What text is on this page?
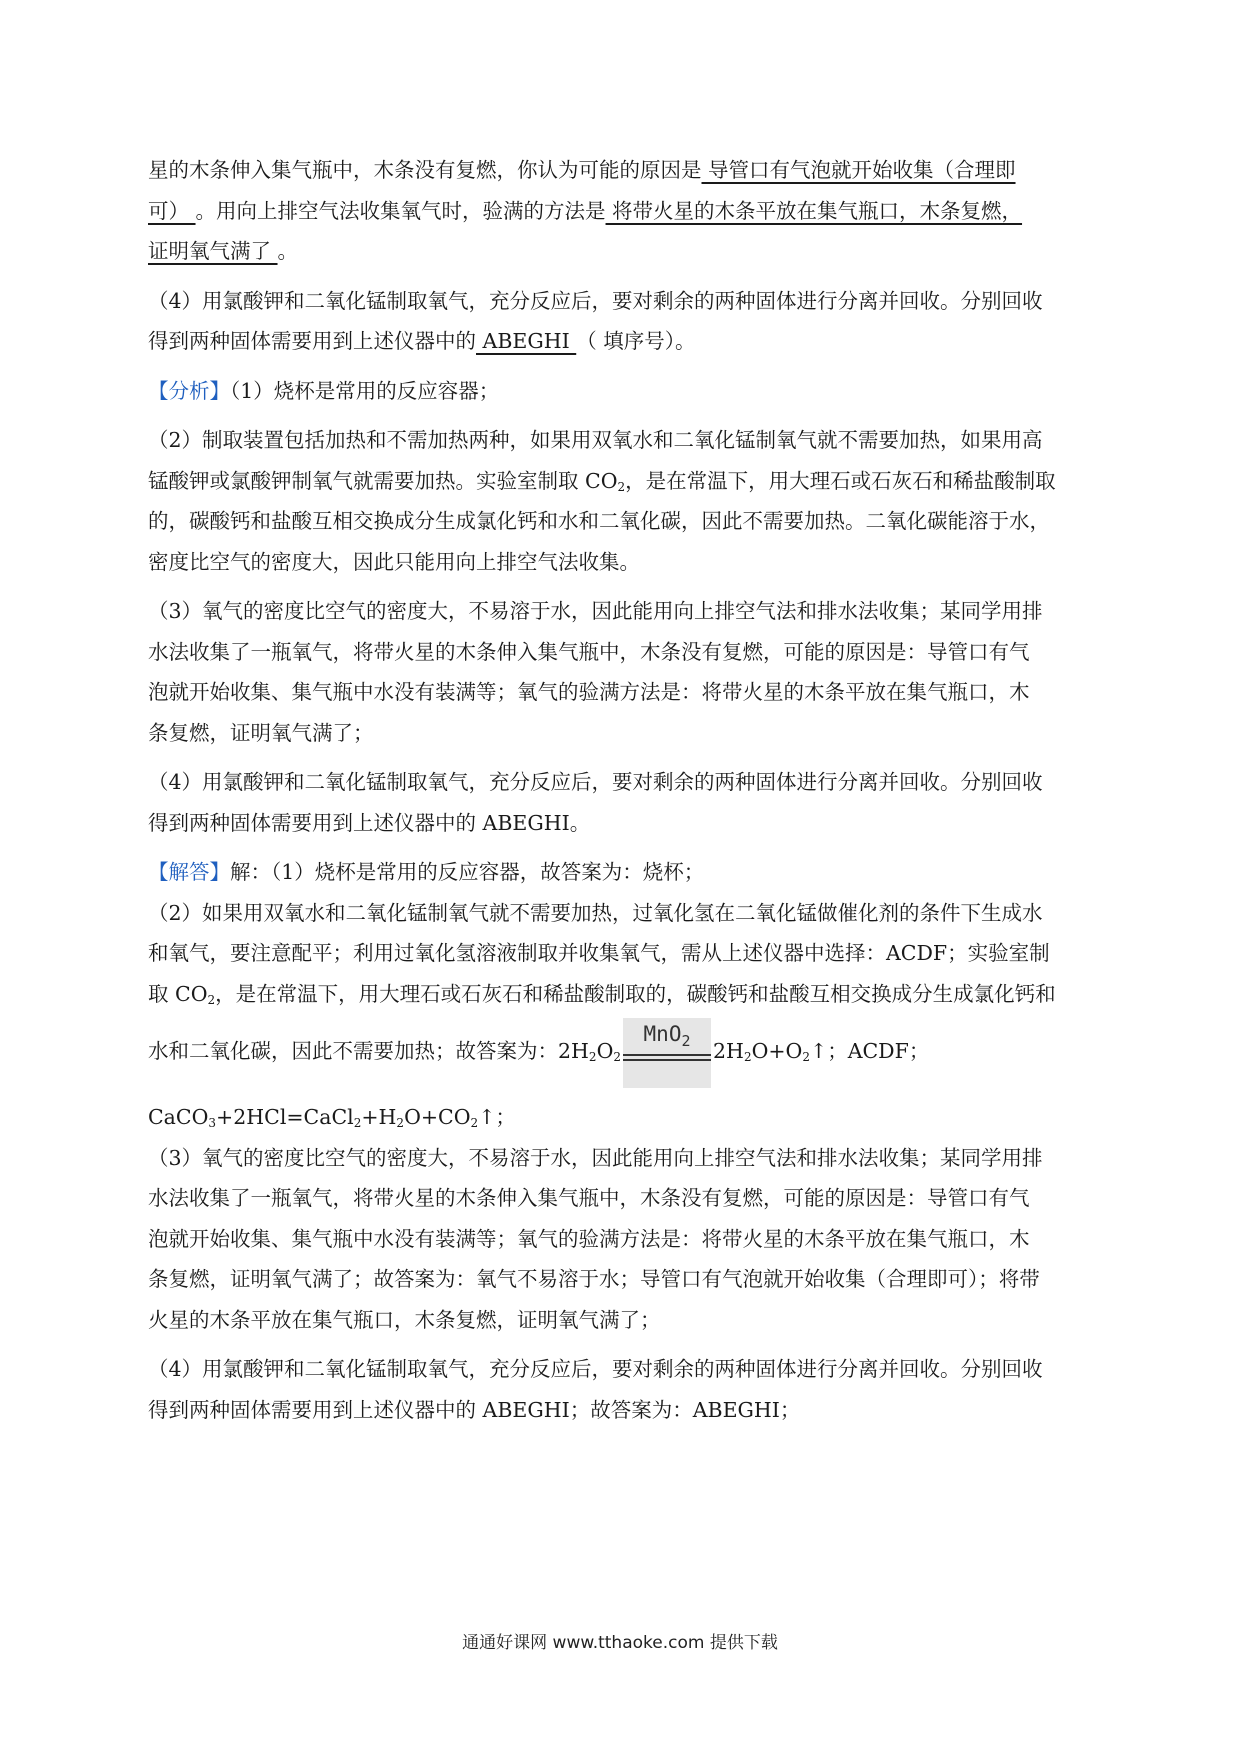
星的木条伸入集气瓶中，木条没有复燃，你认为可能的原因是 导管口有气泡就开始收集（合理即
可） 。用向上排空气法收集氧气时，验满的方法是 将带火星的木条平放在集气瓶口，木条复燃，
证明氧气满了 。
（4）用氯酸钾和二氧化锰制取氧气，充分反应后，要对剩余的两种固体进行分离并回收。分别回收
得到两种固体需要用到上述仪器中的 ABEGHI （ 填序号）。
【分析】（1）烧杯是常用的反应容器；
（2）制取装置包括加热和不需加热两种，如果用双氧水和二氧化锰制氧气就不需要加热，如果用高
锰酸钾或氯酸钾制氧气就需要加热。实验室制取 $CO_2$，是在常温下，用大理石或石灰石和稀盐酸制取
的，碳酸钙和盐酸互相交换成分生成氯化钙和水和二氧化碳，因此不需要加热。二氧化碳能溶于水，
密度比空气的密度大，因此只能用向上排空气法收集。
（3）氧气的密度比空气的密度大，不易溶于水，因此能用向上排空气法和排水法收集；某同学用排
水法收集了一瓶氧气，将带火星的木条伸入集气瓶中，木条没有复燃，可能的原因是：导管口有气
泡就开始收集、集气瓶中水没有装满等；氧气的验满方法是：将带火星的木条平放在集气瓶口，木
条复燃，证明氧气满了；
（4）用氯酸钾和二氧化锰制取氧气，充分反应后，要对剩余的两种固体进行分离并回收。分别回收
得到两种固体需要用到上述仪器中的 ABEGHI。
【解答】解：（1）烧杯是常用的反应容器，故答案为：烧杯；
（2）如果用双氧水和二氧化锰制氧气就不需要加热，过氧化氢在二氧化锰做催化剂的条件下生成水
和氧气，要注意配平；利用过氧化氢溶液制取并收集氧气，需从上述仪器中选择：ACDF；实验室制
取 $CO_2$，是在常温下，用大理石或石灰石和稀盐酸制取的，碳酸钙和盐酸互相交换成分生成氯化钙和
水和二氧化碳，因此不需要加热；故答案为：$2H_2O_2$
MnO$_2$	$2H_2O+O_2↑$；ACDF；
$CaCO_3+2HCl=CaCl_2+H_2O+CO_2↑$；
（3）氧气的密度比空气的密度大，不易溶于水，因此能用向上排空气法和排水法收集；某同学用排
水法收集了一瓶氧气，将带火星的木条伸入集气瓶中，木条没有复燃，可能的原因是：导管口有气
泡就开始收集、集气瓶中水没有装满等；氧气的验满方法是：将带火星的木条平放在集气瓶口，木
条复燃，证明氧气满了；故答案为：氧气不易溶于水；导管口有气泡就开始收集（合理即可）；将带
火星的木条平放在集气瓶口，木条复燃，证明氧气满了；
（4）用氯酸钾和二氧化锰制取氧气，充分反应后，要对剩余的两种固体进行分离并回收。分别回收
得到两种固体需要用到上述仪器中的 ABEGHI；故答案为：ABEGHI；
通通好课网 www.tthaoke.com 提供下载
